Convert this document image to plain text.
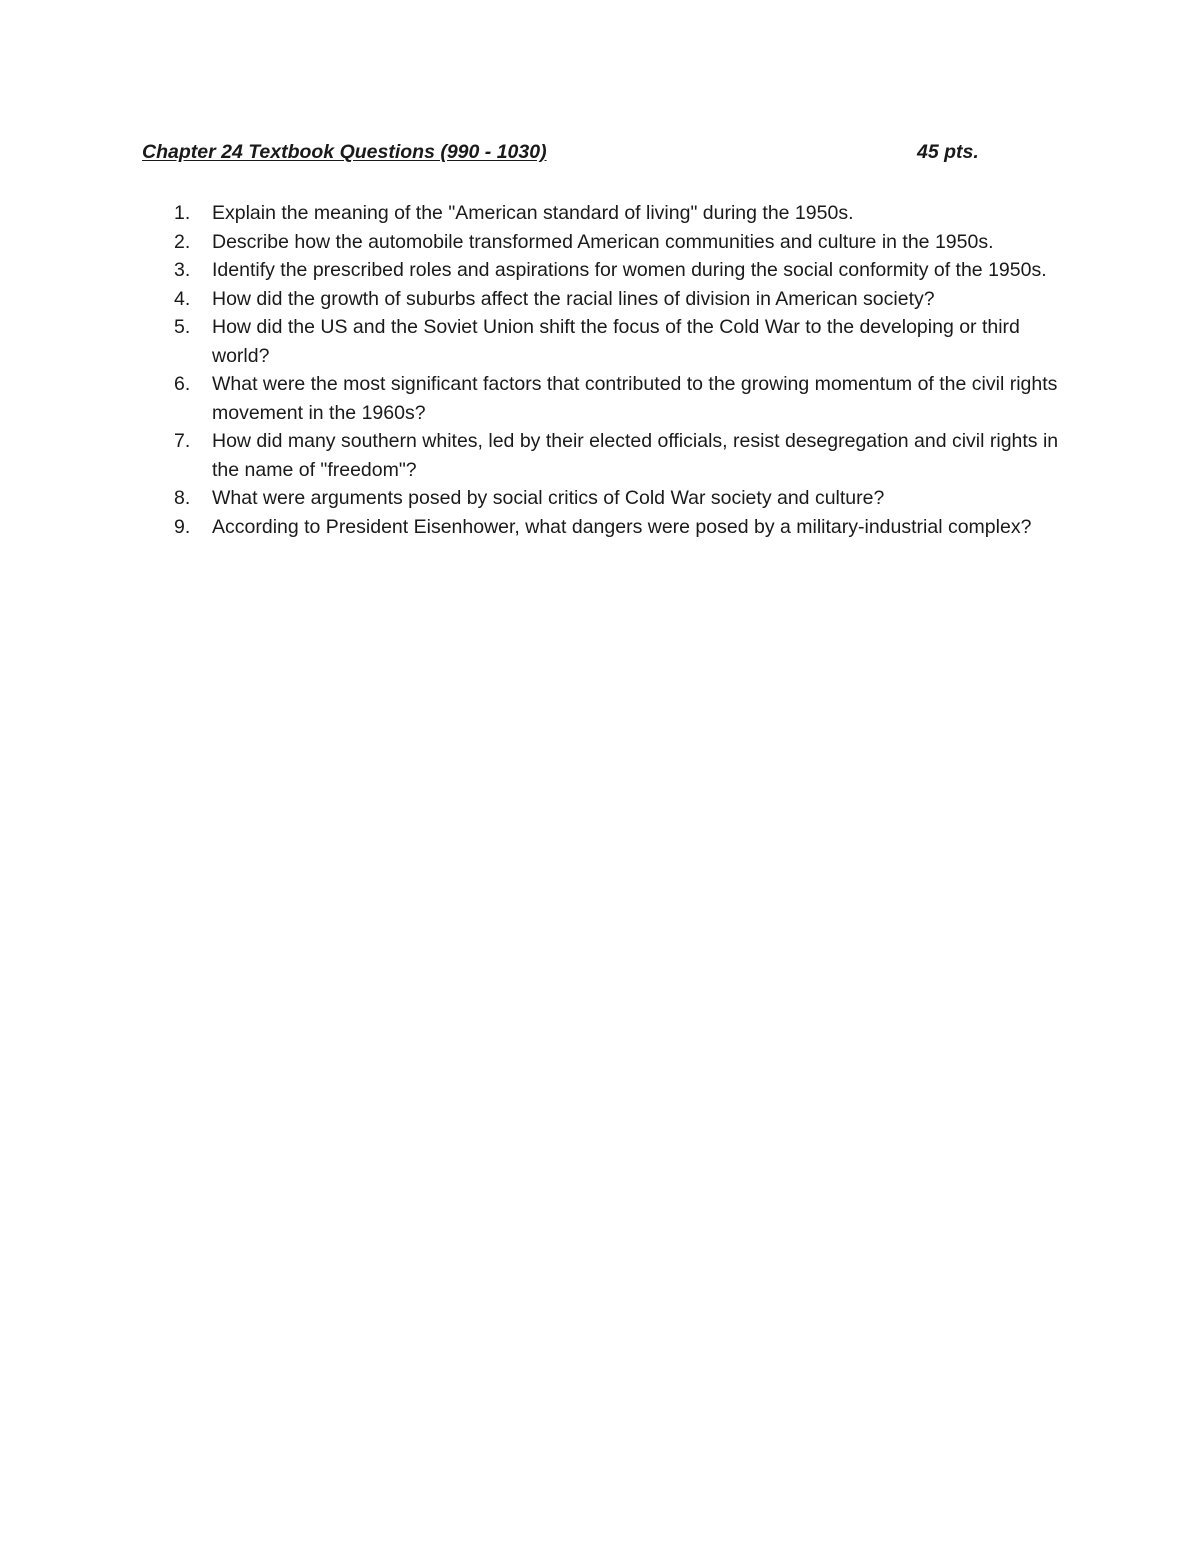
Chapter 24 Textbook Questions (990 - 1030)	45 pts.
1. Explain the meaning of the "American standard of living" during the 1950s.
2. Describe how the automobile transformed American communities and culture in the 1950s.
3. Identify the prescribed roles and aspirations for women during the social conformity of the 1950s.
4. How did the growth of suburbs affect the racial lines of division in American society?
5. How did the US and the Soviet Union shift the focus of the Cold War to the developing or third world?
6. What were the most significant factors that contributed to the growing momentum of the civil rights movement in the 1960s?
7. How did many southern whites, led by their elected officials, resist desegregation and civil rights in the name of "freedom"?
8. What were arguments posed by social critics of Cold War society and culture?
9. According to President Eisenhower, what dangers were posed by a military-industrial complex?
